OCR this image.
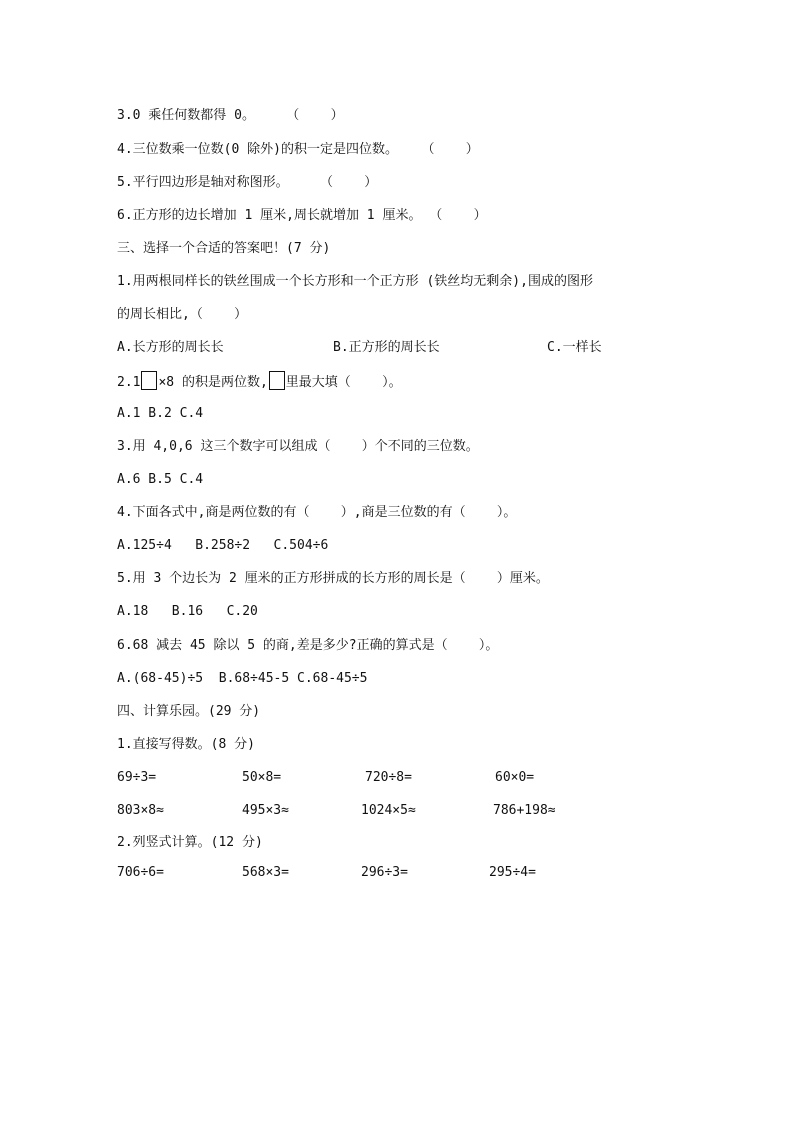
3.0 乘任何数都得 0。    （    ）
4.三位数乘一位数(0 除外)的积一定是四位数。   （    ）
5.平行四边形是轴对称图形。    （    ）
6.正方形的边长增加 1 厘米,周长就增加 1 厘米。 （    ）
三、选择一个合适的答案吧！(7 分)
1.用两根同样长的铁丝围成一个长方形和一个正方形 (铁丝均无剩余),围成的图形
的周长相比,（    ）
A.长方形的周长长	B.正方形的周长长	C.一样长
2.1 ×8 的积是两位数, 里最大填（    ）。
A.1 B.2 C.4
3.用 4,0,6 这三个数字可以组成（    ）个不同的三位数。
A.6 B.5 C.4
4.下面各式中,商是两位数的有（    ）,商是三位数的有（    ）。
A.125÷4   B.258÷2   C.504÷6
5.用 3 个边长为 2 厘米的正方形拼成的长方形的周长是（    ）厘米。
A.18   B.16   C.20
6.68 减去 45 除以 5 的商,差是多少?正确的算式是（    ）。
A.(68-45)÷5  B.68÷45-5 C.68-45÷5
四、计算乐园。(29 分)
1.直接写得数。(8 分)
69÷3=	50×8=	720÷8=	60×0=
803×8≈	495×3≈	1024×5≈	786+198≈
2.列竖式计算。(12 分)
706÷6=	568×3=	296÷3=	295÷4=
